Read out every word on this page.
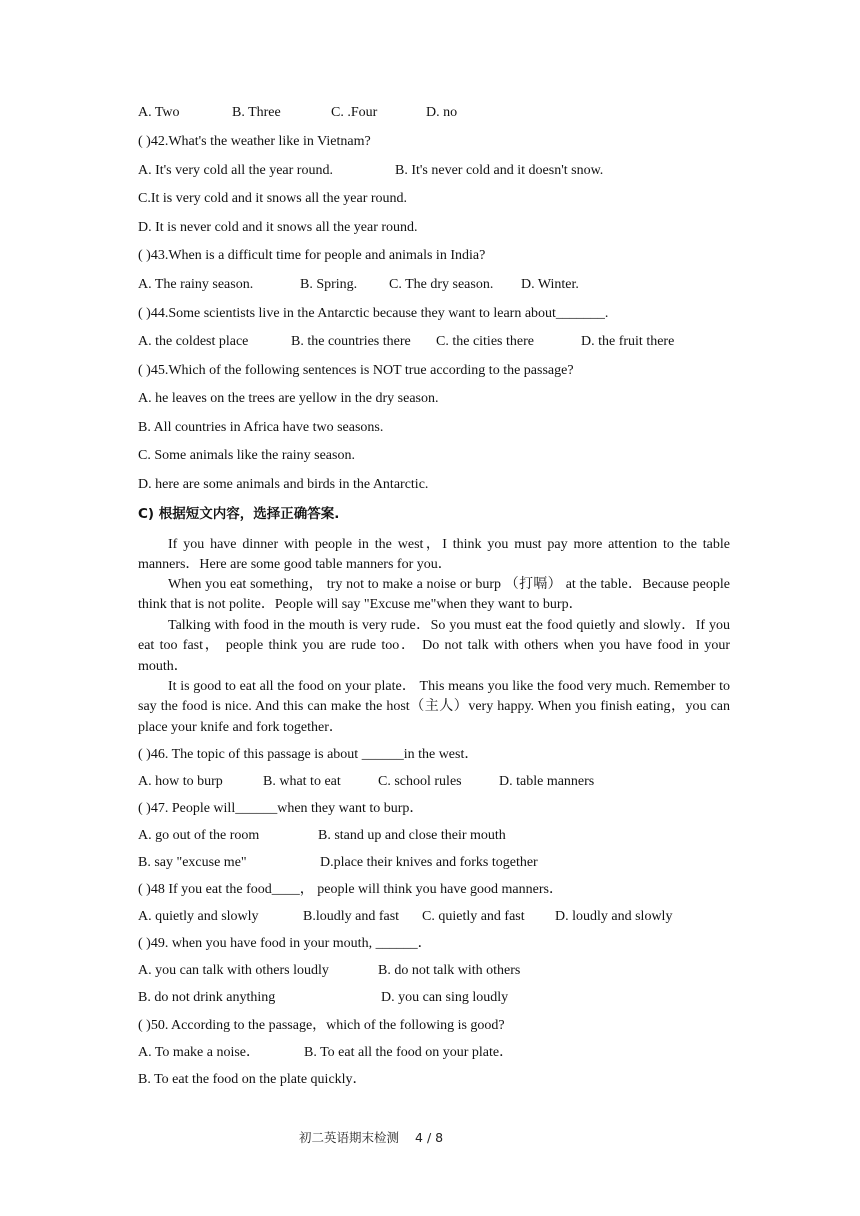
A. Two	B. Three	C. .Four	D. no
( )42.What's the weather like in Vietnam?
A. It's very cold all the year round.	B. It's never cold and it doesn't snow.
C.It is very cold and it snows all the year round.
D. It is never cold and it snows all the year round.
( )43.When is a difficult time for people and animals in India?
A. The rainy season.	B. Spring. C. The dry season. D. Winter.
( )44.Some scientists live in the Antarctic because they want to learn about_______.
A. the coldest place	B. the countries there C. the cities there	D. the fruit there
( )45.Which of the following sentences is NOT true according to the passage?
A. he leaves on the trees are yellow in the dry season.
B. All countries in Africa have two seasons.
C. Some animals like the rainy season.
D. here are some animals and birds in the Antarctic.
C) 根据短文内容，选择正确答案.

If you have dinner with people in the west，I think you must pay more attention to the table manners．Here are some good table manners for you．

When you eat something， try not to make a noise or burp （打嗝） at the table．Because people think that is not polite．People will say "Excuse me"when they want to burp．

Talking with food in the mouth is very rude．So you must eat the food quietly and slowly．If you eat too fast， people think you are rude too． Do not talk with others when you have food in your mouth．

It is good to eat all the food on your plate． This means you like the food very much. Remember to say the food is nice. And this can make the host（主人）very happy. When you finish eating，you can place your knife and fork together．

( )46. The topic of this passage is about ______in the west．
A. how to burp	B. what to eat	C. school rules	D. table manners
( )47. People will______when they want to burp．
A. go out of the room	B. stand up and close their mouth
B. say "excuse me"	D.place their knives and forks together
( )48 If you eat the food____， people will think you have good manners．
A. quietly and slowly	B.loudly and fast C. quietly and fast D. loudly and slowly
( )49. when you have food in your mouth, ______．
A. you can talk with others loudly	B. do not talk with others
B. do not drink anything	D. you can sing loudly
( )50. According to the passage，which of the following is good?
A. To make a noise．	B. To eat all the food on your plate．
B. To eat the food on the plate quickly．
初二英语期末检测 4 / 8
